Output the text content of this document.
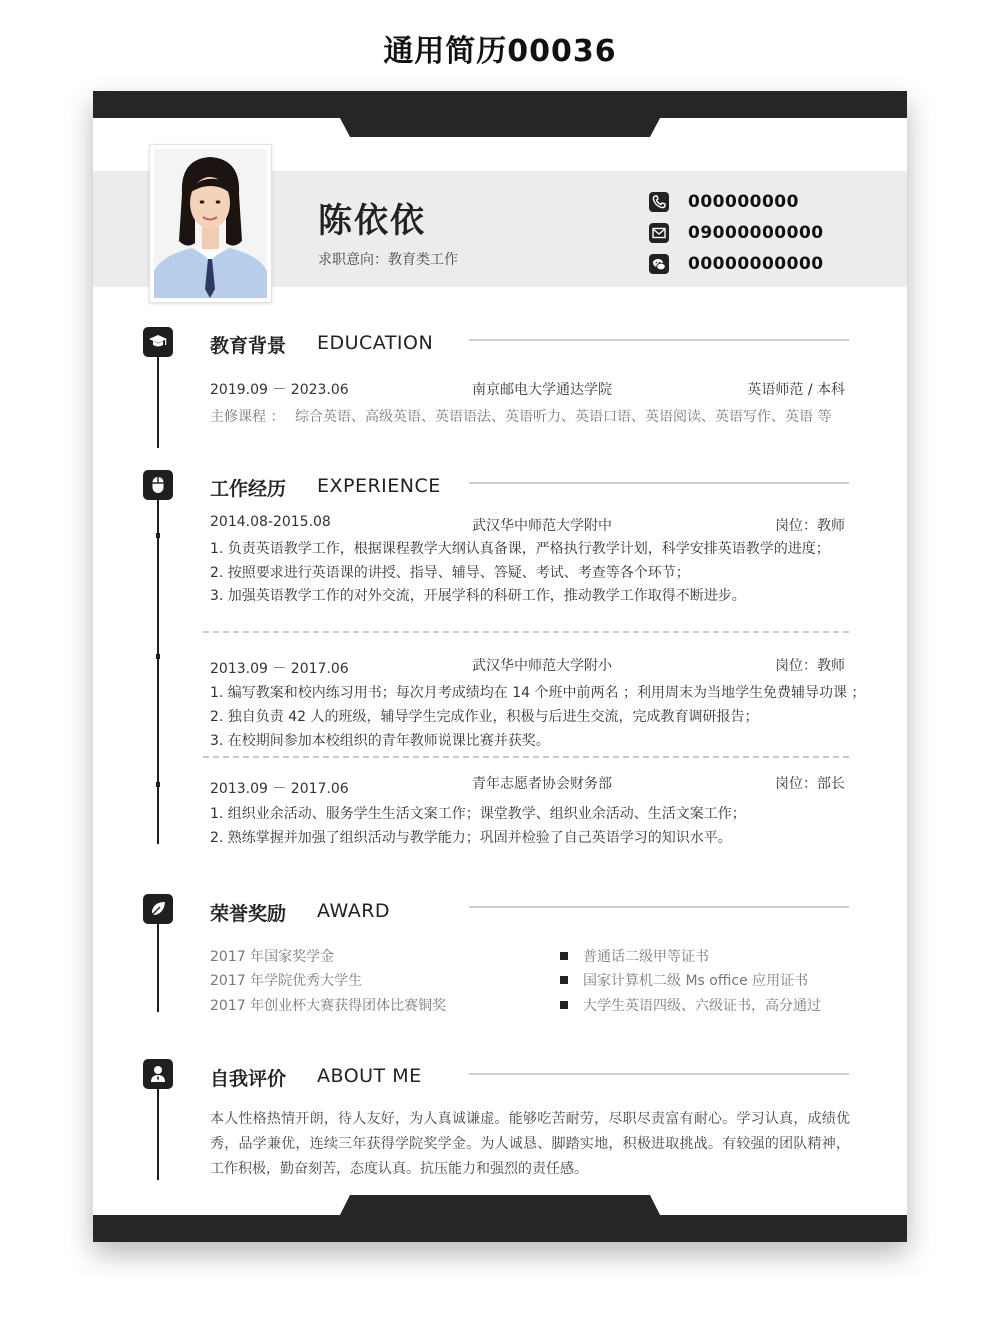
通用简历00036
陈依依
求职意向：教育类工作
000000000
09000000000
00000000000
教育背景 EDUCATION
2019.09 － 2023.06	南京邮电大学通达学院	英语师范 / 本科
主修课程 ： 综合英语、高级英语、英语语法、英语听力、英语口语、英语阅读、英语写作、英语 等
工作经历 EXPERIENCE
2014.08-2015.08	武汉华中师范大学附中	岗位：教师
1. 负责英语教学工作，根据课程教学大纲认真备课，严格执行教学计划，科学安排英语教学的进度；
2. 按照要求进行英语课的讲授、指导、辅导、答疑、考试、考查等各个环节；
3. 加强英语教学工作的对外交流，开展学科的科研工作，推动教学工作取得不断进步。
2013.09 － 2017.06	武汉华中师范大学附小	岗位：教师
1. 编写教案和校内练习用书；每次月考成绩均在 14 个班中前两名 ；利用周末为当地学生免费辅导功课 ；
2. 独自负责 42 人的班级，辅导学生完成作业，积极与后进生交流，完成教育调研报告；
3. 在校期间参加本校组织的青年教师说课比赛并获奖。
2013.09 － 2017.06	青年志愿者协会财务部	岗位：部长
1. 组织业余活动、服务学生生活文案工作；课堂教学、组织业余活动、生活文案工作；
2. 熟练掌握并加强了组织活动与教学能力；巩固并检验了自己英语学习的知识水平。
荣誉奖励 AWARD
2017 年国家奖学金
2017 年学院优秀大学生
2017 年创业杯大赛获得团体比赛铜奖
普通话二级甲等证书
国家计算机二级 Ms office 应用证书
大学生英语四级、六级证书，高分通过
自我评价 ABOUT ME
本人性格热情开朗，待人友好，为人真诚谦虚。能够吃苦耐劳，尽职尽责富有耐心。学习认真，成绩优秀，品学兼优，连续三年获得学院奖学金。为人诚恳、脚踏实地，积极进取挑战。有较强的团队精神，工作积极，勤奋刻苦，态度认真。抗压能力和强烈的责任感。
